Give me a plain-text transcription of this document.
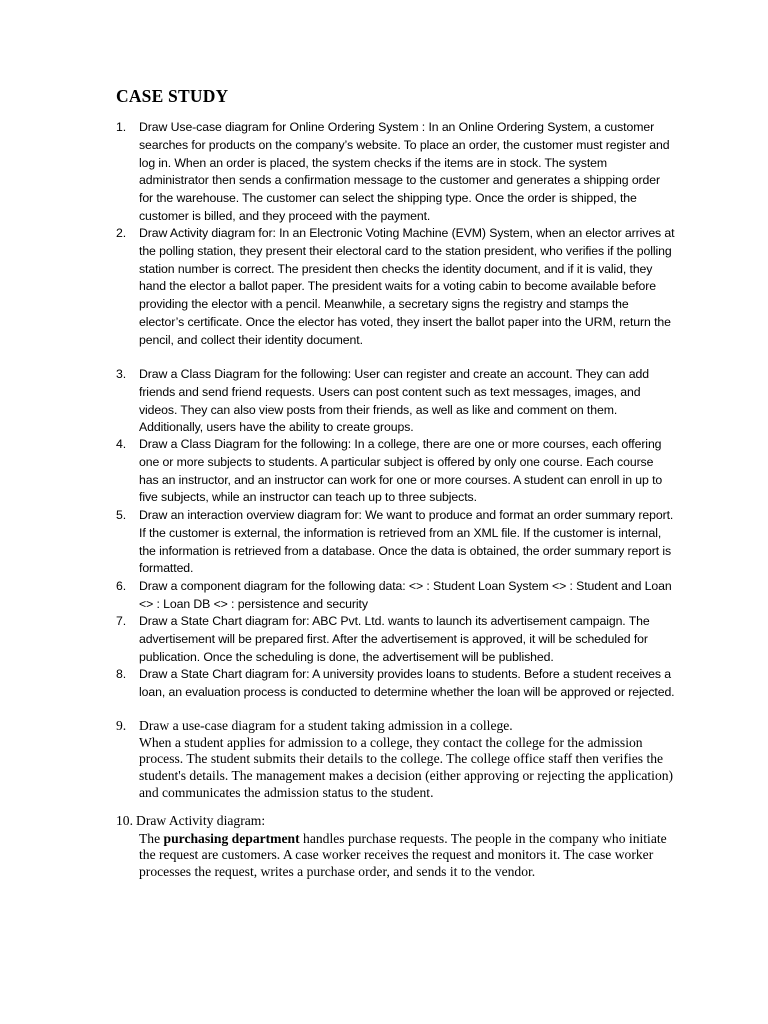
CASE STUDY
1. Draw Use-case diagram for Online Ordering System : In an Online Ordering System, a customer searches for products on the company’s website. To place an order, the customer must register and log in. When an order is placed, the system checks if the items are in stock. The system administrator then sends a confirmation message to the customer and generates a shipping order for the warehouse. The customer can select the shipping type. Once the order is shipped, the customer is billed, and they proceed with the payment.
2. Draw Activity diagram for: In an Electronic Voting Machine (EVM) System, when an elector arrives at the polling station, they present their electoral card to the station president, who verifies if the polling station number is correct. The president then checks the identity document, and if it is valid, they hand the elector a ballot paper. The president waits for a voting cabin to become available before providing the elector with a pencil. Meanwhile, a secretary signs the registry and stamps the elector’s certificate. Once the elector has voted, they insert the ballot paper into the URM, return the pencil, and collect their identity document.
3. Draw a Class Diagram for the following: User can register and create an account. They can add friends and send friend requests. Users can post content such as text messages, images, and videos. They can also view posts from their friends, as well as like and comment on them. Additionally, users have the ability to create groups.
4. Draw a Class Diagram for the following: In a college, there are one or more courses, each offering one or more subjects to students. A particular subject is offered by only one course. Each course has an instructor, and an instructor can work for one or more courses. A student can enroll in up to five subjects, while an instructor can teach up to three subjects.
5. Draw an interaction overview diagram for: We want to produce and format an order summary report. If the customer is external, the information is retrieved from an XML file. If the customer is internal, the information is retrieved from a database. Once the data is obtained, the order summary report is formatted.
6. Draw a component diagram for the following data: <> : Student Loan System <> : Student and Loan <> : Loan DB <> : persistence and security
7. Draw a State Chart diagram for: ABC Pvt. Ltd. wants to launch its advertisement campaign. The advertisement will be prepared first. After the advertisement is approved, it will be scheduled for publication. Once the scheduling is done, the advertisement will be published.
8. Draw a State Chart diagram for: A university provides loans to students. Before a student receives a loan, an evaluation process is conducted to determine whether the loan will be approved or rejected.
9. Draw a use-case diagram for a student taking admission in a college.
When a student applies for admission to a college, they contact the college for the admission process. The student submits their details to the college. The college office staff then verifies the student's details. The management makes a decision (either approving or rejecting the application) and communicates the admission status to the student.
10. Draw Activity diagram:
The purchasing department handles purchase requests. The people in the company who initiate the request are customers. A case worker receives the request and monitors it. The case worker processes the request, writes a purchase order, and sends it to the vendor.
